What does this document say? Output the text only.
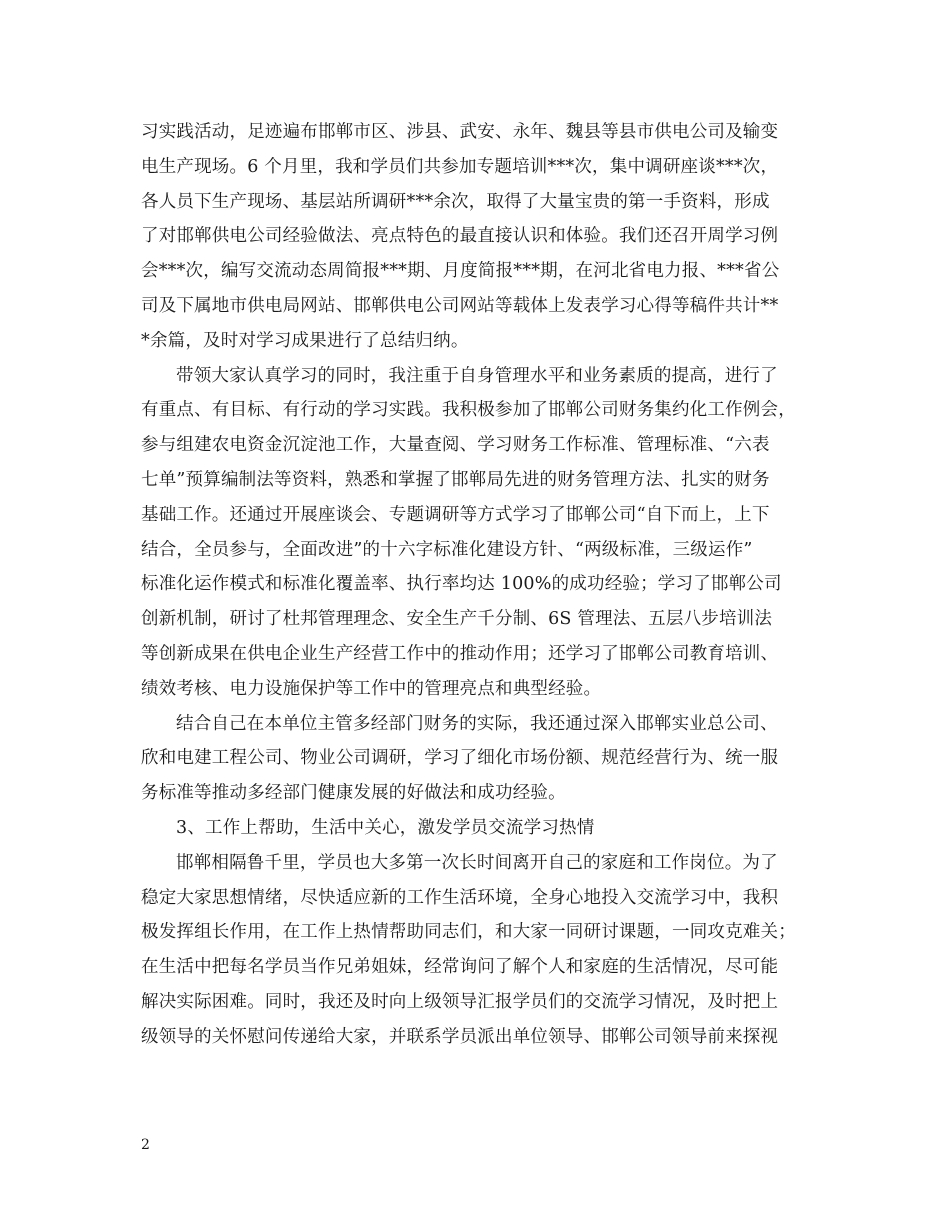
习实践活动，足迹遍布邯郸市区、涉县、武安、永年、魏县等县市供电公司及输变
电生产现场。6 个月里，我和学员们共参加专题培训***次，集中调研座谈***次，
各人员下生产现场、基层站所调研***余次，取得了大量宝贵的第一手资料，形成
了对邯郸供电公司经验做法、亮点特色的最直接认识和体验。我们还召开周学习例
会***次，编写交流动态周简报***期、月度简报***期，在河北省电力报、***省公
司及下属地市供电局网站、邯郸供电公司网站等载体上发表学习心得等稿件共计**
*余篇，及时对学习成果进行了总结归纳。
带领大家认真学习的同时，我注重于自身管理水平和业务素质的提高，进行了
有重点、有目标、有行动的学习实践。我积极参加了邯郸公司财务集约化工作例会，
参与组建农电资金沉淀池工作，大量查阅、学习财务工作标准、管理标准、“六表
七单”预算编制法等资料，熟悉和掌握了邯郸局先进的财务管理方法、扎实的财务
基础工作。还通过开展座谈会、专题调研等方式学习了邯郸公司“自下而上，上下
结合，全员参与，全面改进”的十六字标准化建设方针、“两级标准，三级运作”
标准化运作模式和标准化覆盖率、执行率均达 100%的成功经验；学习了邯郸公司
创新机制，研讨了杜邦管理理念、安全生产千分制、6S 管理法、五层八步培训法
等创新成果在供电企业生产经营工作中的推动作用；还学习了邯郸公司教育培训、
绩效考核、电力设施保护等工作中的管理亮点和典型经验。
结合自己在本单位主管多经部门财务的实际，我还通过深入邯郸实业总公司、
欣和电建工程公司、物业公司调研，学习了细化市场份额、规范经营行为、统一服
务标准等推动多经部门健康发展的好做法和成功经验。
3、工作上帮助，生活中关心，激发学员交流学习热情
邯郸相隔鲁千里，学员也大多第一次长时间离开自己的家庭和工作岗位。为了
稳定大家思想情绪，尽快适应新的工作生活环境，全身心地投入交流学习中，我积
极发挥组长作用，在工作上热情帮助同志们，和大家一同研讨课题，一同攻克难关；
在生活中把每名学员当作兄弟姐妹，经常询问了解个人和家庭的生活情况，尽可能
解决实际困难。同时，我还及时向上级领导汇报学员们的交流学习情况，及时把上
级领导的关怀慰问传递给大家，并联系学员派出单位领导、邯郸公司领导前来探视
2
